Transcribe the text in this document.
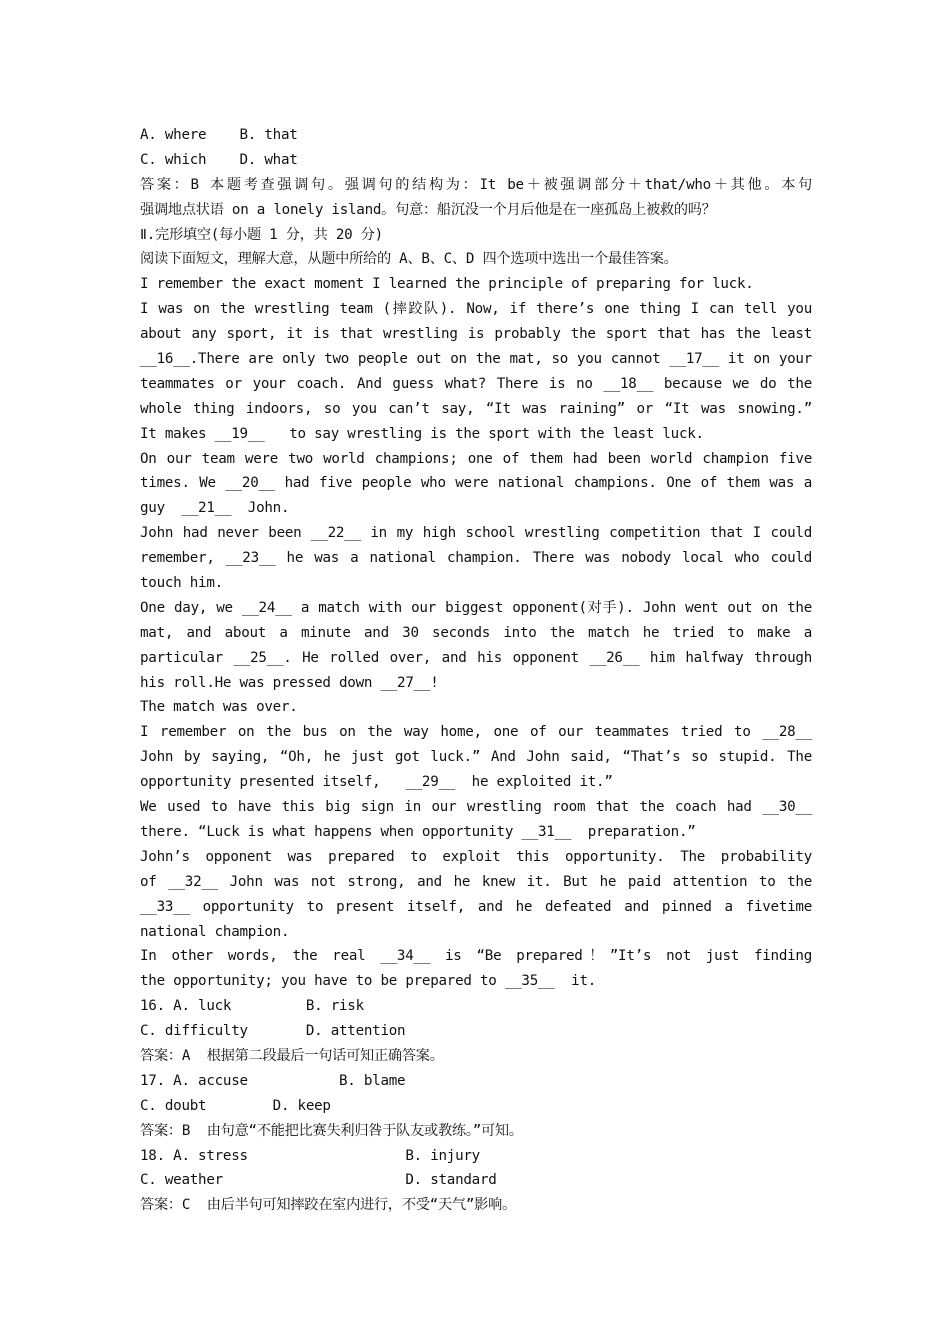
A. where    B. that
C. which    D. what
答案：B 本题考查强调句。强调句的结构为：It be＋被强调部分＋that/who＋其他。本句
强调地点状语 on a lonely island。句意：船沉没一个月后他是在一座孤岛上被救的吗？
Ⅱ.完形填空(每小题 1 分，共 20 分)
阅读下面短文，理解大意，从题中所给的 A、B、C、D 四个选项中选出一个最佳答案。
I remember the exact moment I learned the principle of preparing for luck.
I was on the wrestling team (摔跤队). Now, if there’s one thing I can tell you
about any sport, it is that wrestling is probably the sport that has the least
__16__.There are only two people out on the mat, so you cannot __17__ it on your
teammates or your coach. And guess what? There is no __18__ because we do the
whole thing indoors, so you can’t say, “It was raining” or “It was snowing.”
It makes __19__   to say wrestling is the sport with the least luck.
On our team were two world champions; one of them had been world champion five
times. We __20__ had five people who were national champions. One of them was a
guy  __21__  John.
John had never been __22__ in my high school wrestling competition that I could
remember, __23__ he was a national champion. There was nobody local who could
touch him.
One day, we __24__ a match with our biggest opponent(对手). John went out on the
mat, and about a minute and 30 seconds into the match he tried to make a
particular __25__. He rolled over, and his opponent __26__ him halfway through
his roll.He was pressed down __27__!
The match was over.
I remember on the bus on the way home, one of our teammates tried to __28__
John by saying, “Oh, he just got luck.” And John said, “That’s so stupid. The
opportunity presented itself,   __29__  he exploited it.”
We used to have this big sign in our wrestling room that the coach had __30__
there. “Luck is what happens when opportunity __31__  preparation.”
John’s opponent was prepared to exploit this opportunity. The probability
of __32__ John was not strong, and he knew it. But he paid attention to the
__33__ opportunity to present itself, and he defeated and pinned a fivetime
national champion.
In other words, the real __34__ is “Be prepared！”It’s not just finding
the opportunity; you have to be prepared to __35__  it.
16. A. luck         B. risk
C. difficulty       D. attention
答案：A  根据第二段最后一句话可知正确答案。
17. A. accuse           B. blame
C. doubt        D. keep
答案：B  由句意“不能把比赛失利归咎于队友或教练。”可知。
18. A. stress                   B. injury
C. weather                      D. standard
答案：C  由后半句可知摔跤在室内进行，不受“天气”影响。
